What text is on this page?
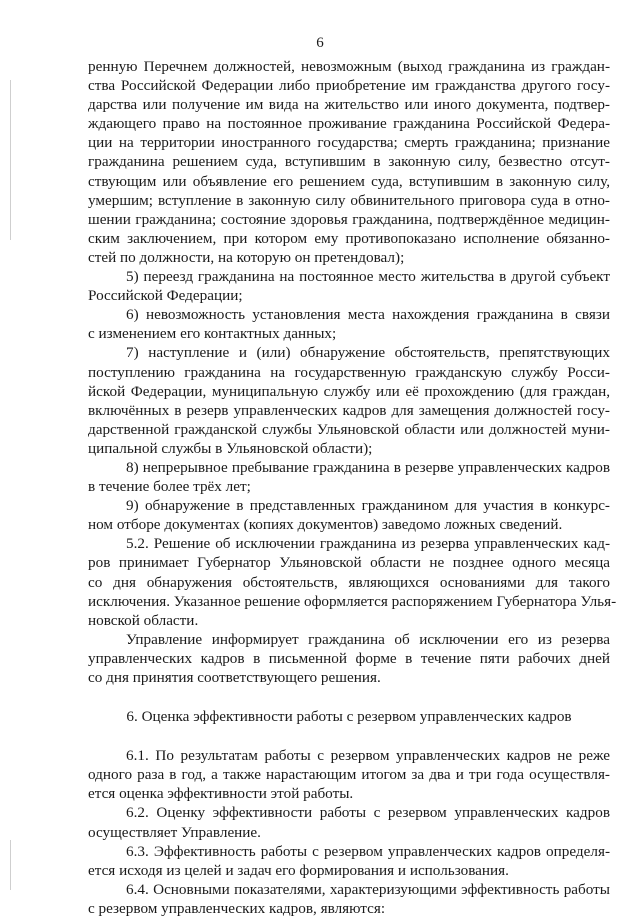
6

ренную Перечнем должностей, невозможным (выход гражданина из граждан-
ства Российской Федерации либо приобретение им гражданства другого госу-
дарства или получение им вида на жительство или иного документа, подтвер-
ждающего право на постоянное проживание гражданина Российской Федера-
ции на территории иностранного государства; смерть гражданина; признание
гражданина решением суда, вступившим в законную силу, безвестно отсут-
ствующим или объявление его решением суда, вступившим в законную силу,
умершим; вступление в законную силу обвинительного приговора суда в отно-
шении гражданина; состояние здоровья гражданина, подтверждённое медицин-
ским заключением, при котором ему противопоказано исполнение обязанно-
стей по должности, на которую он претендовал);

5) переезд гражданина на постоянное место жительства в другой субъект
Российской Федерации;

6) невозможность установления места нахождения гражданина в связи
с изменением его контактных данных;

7) наступление и (или) обнаружение обстоятельств, препятствующих
поступлению гражданина на государственную гражданскую службу Росси-
йской Федерации, муниципальную службу или её прохождению (для граждан,
включённых в резерв управленческих кадров для замещения должностей госу-
дарственной гражданской службы Ульяновской области или должностей муни-
ципальной службы в Ульяновской области);

8) непрерывное пребывание гражданина в резерве управленческих кадров
в течение более трёх лет;

9) обнаружение в представленных гражданином для участия в конкурс-
ном отборе документах (копиях документов) заведомо ложных сведений.

5.2. Решение об исключении гражданина из резерва управленческих кад-
ров принимает Губернатор Ульяновской области не позднее одного месяца
со дня обнаружения обстоятельств, являющихся основаниями для такого
исключения. Указанное решение оформляется распоряжением Губернатора Улья-
новской области.

Управление информирует гражданина об исключении его из резерва
управленческих кадров в письменной форме в течение пяти рабочих дней
со дня принятия соответствующего решения.

6. Оценка эффективности работы с резервом управленческих кадров

6.1. По результатам работы с резервом управленческих кадров не реже
одного раза в год, а также нарастающим итогом за два и три года осуществля-
ется оценка эффективности этой работы.

6.2. Оценку эффективности работы с резервом управленческих кадров
осуществляет Управление.

6.3. Эффективность работы с резервом управленческих кадров определя-
ется исходя из целей и задач его формирования и использования.

6.4. Основными показателями, характеризующими эффективность работы
с резервом управленческих кадров, являются:
